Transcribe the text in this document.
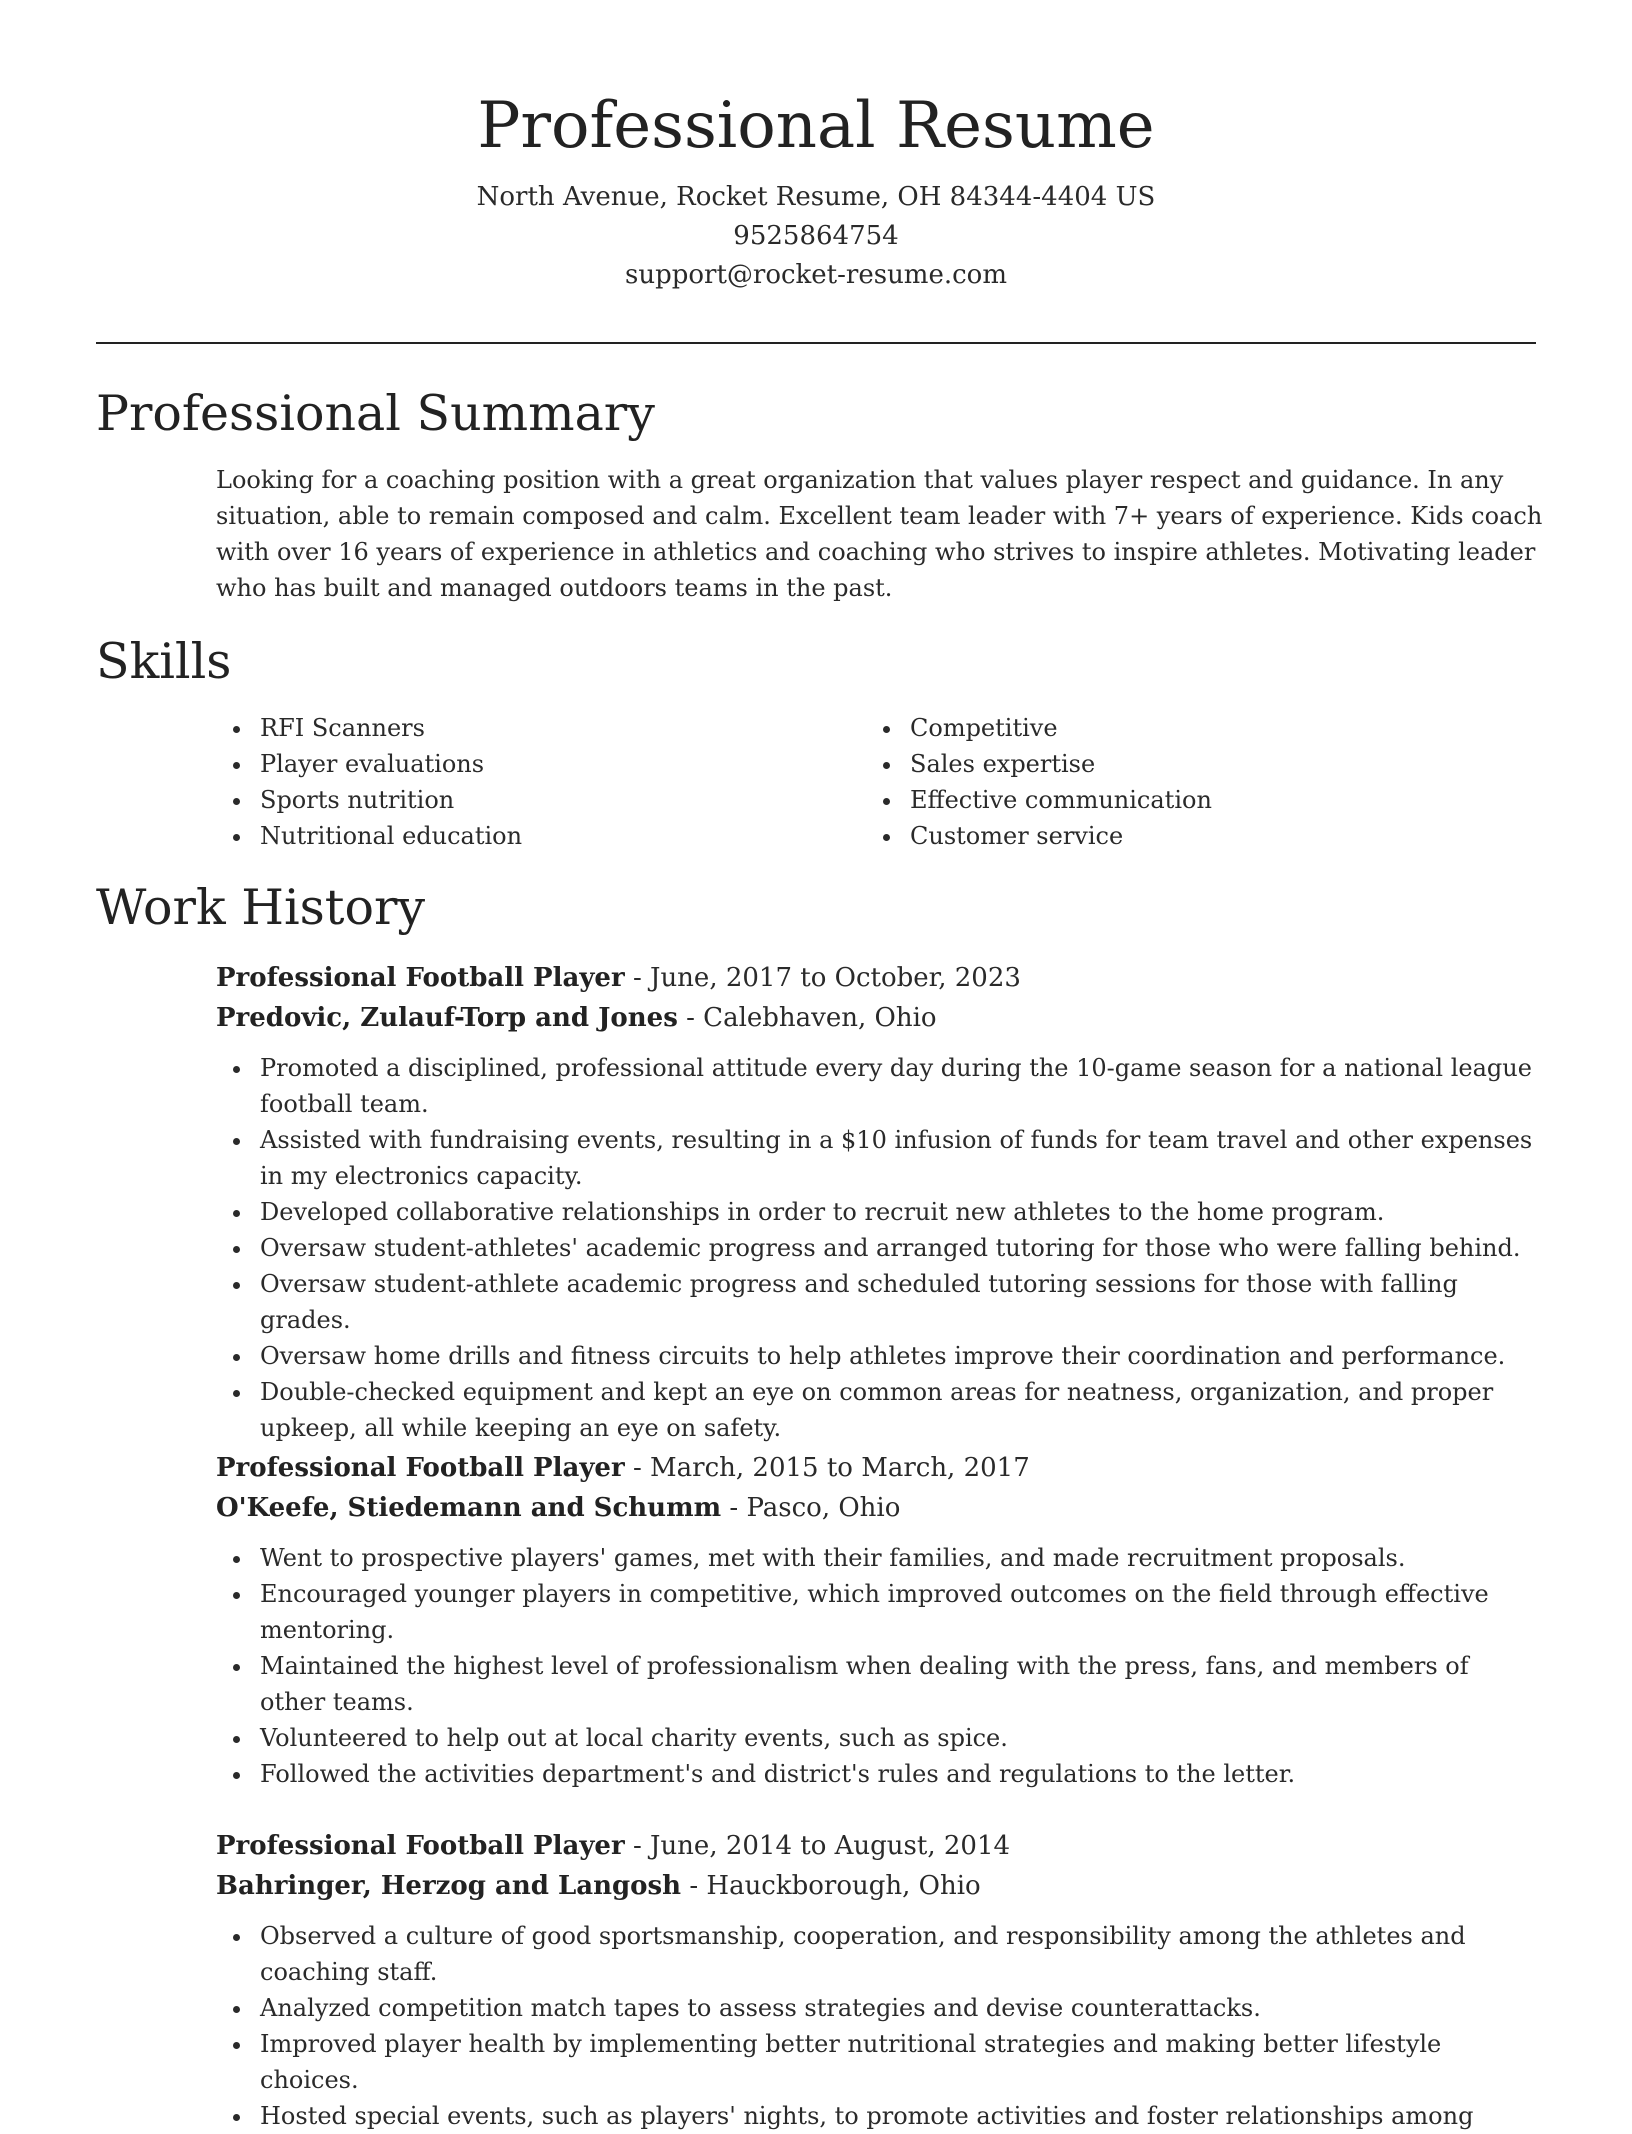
Professional Resume

North Avenue, Rocket Resume, OH 84344-4404 US

9525864754

support@rocket-resume.com

Professional Summary

Looking for a coaching position with a great organization that values player respect and guidance. In any situation, able to remain composed and calm. Excellent team leader with 7+ years of experience. Kids coach with over 16 years of experience in athletics and coaching who strives to inspire athletes. Motivating leader who has built and managed outdoors teams in the past.

Skills
RFI Scanners
Player evaluations
Sports nutrition
Nutritional education
Competitive
Sales expertise
Effective communication
Customer service
Work History

Professional Football Player - June, 2017 to October, 2023

Predovic, Zulauf-Torp and Jones - Calebhaven, Ohio

Promoted a disciplined, professional attitude every day during the 10-game season for a national league football team.
Assisted with fundraising events, resulting in a $10 infusion of funds for team travel and other expenses in my electronics capacity.
Developed collaborative relationships in order to recruit new athletes to the home program.
Oversaw student-athletes' academic progress and arranged tutoring for those who were falling behind.
Oversaw student-athlete academic progress and scheduled tutoring sessions for those with falling grades.
Oversaw home drills and fitness circuits to help athletes improve their coordination and performance.
Double-checked equipment and kept an eye on common areas for neatness, organization, and proper upkeep, all while keeping an eye on safety.

Professional Football Player - March, 2015 to March, 2017

O'Keefe, Stiedemann and Schumm - Pasco, Ohio

Went to prospective players' games, met with their families, and made recruitment proposals.
Encouraged younger players in competitive, which improved outcomes on the field through effective mentoring.
Maintained the highest level of professionalism when dealing with the press, fans, and members of other teams.
Volunteered to help out at local charity events, such as spice.
Followed the activities department's and district's rules and regulations to the letter.

Professional Football Player - June, 2014 to August, 2014

Bahringer, Herzog and Langosh - Hauckborough, Ohio

Observed a culture of good sportsmanship, cooperation, and responsibility among the athletes and coaching staff.
Analyzed competition match tapes to assess strategies and devise counterattacks.
Improved player health by implementing better nutritional strategies and making better lifestyle choices.
Hosted special events, such as players' nights, to promote activities and foster relationships among
